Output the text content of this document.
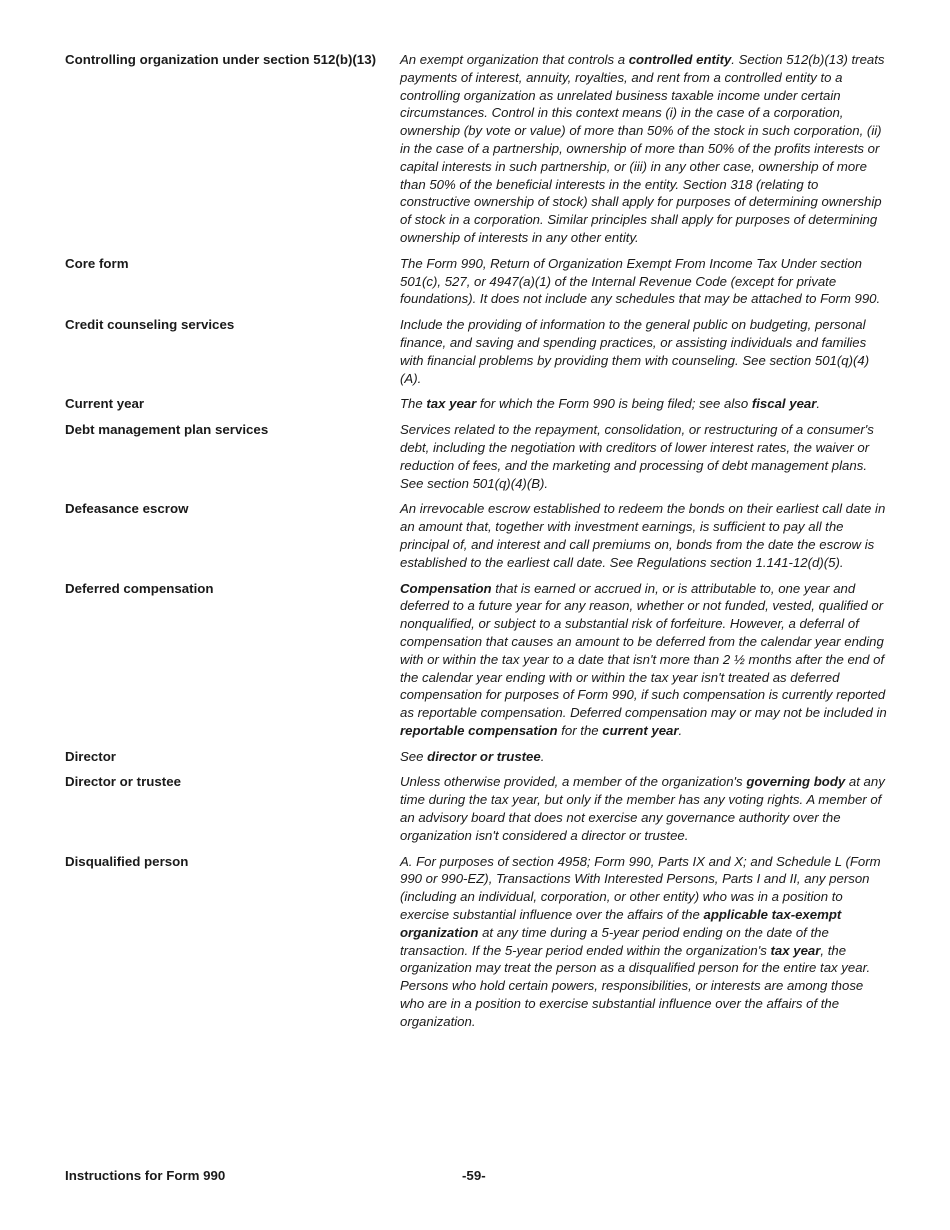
Controlling organization under section 512(b)(13)	An exempt organization that controls a controlled entity. Section 512(b)(13) treats payments of interest, annuity, royalties, and rent from a controlled entity to a controlling organization as unrelated business taxable income under certain circumstances. Control in this context means (i) in the case of a corporation, ownership (by vote or value) of more than 50% of the stock in such corporation, (ii) in the case of a partnership, ownership of more than 50% of the profits interests or capital interests in such partnership, or (iii) in any other case, ownership of more than 50% of the beneficial interests in the entity. Section 318 (relating to constructive ownership of stock) shall apply for purposes of determining ownership of stock in a corporation. Similar principles shall apply for purposes of determining ownership of interests in any other entity.
Core form	The Form 990, Return of Organization Exempt From Income Tax Under section 501(c), 527, or 4947(a)(1) of the Internal Revenue Code (except for private foundations). It does not include any schedules that may be attached to Form 990.
Credit counseling services	Include the providing of information to the general public on budgeting, personal finance, and saving and spending practices, or assisting individuals and families with financial problems by providing them with counseling. See section 501(q)(4)(A).
Current year	The tax year for which the Form 990 is being filed; see also fiscal year.
Debt management plan services	Services related to the repayment, consolidation, or restructuring of a consumer's debt, including the negotiation with creditors of lower interest rates, the waiver or reduction of fees, and the marketing and processing of debt management plans. See section 501(q)(4)(B).
Defeasance escrow	An irrevocable escrow established to redeem the bonds on their earliest call date in an amount that, together with investment earnings, is sufficient to pay all the principal of, and interest and call premiums on, bonds from the date the escrow is established to the earliest call date. See Regulations section 1.141-12(d)(5).
Deferred compensation	Compensation that is earned or accrued in, or is attributable to, one year and deferred to a future year for any reason, whether or not funded, vested, qualified or nonqualified, or subject to a substantial risk of forfeiture. However, a deferral of compensation that causes an amount to be deferred from the calendar year ending with or within the tax year to a date that isn't more than 2 ½ months after the end of the calendar year ending with or within the tax year isn't treated as deferred compensation for purposes of Form 990, if such compensation is currently reported as reportable compensation. Deferred compensation may or may not be included in reportable compensation for the current year.
Director	See director or trustee.
Director or trustee	Unless otherwise provided, a member of the organization's governing body at any time during the tax year, but only if the member has any voting rights. A member of an advisory board that does not exercise any governance authority over the organization isn't considered a director or trustee.
Disqualified person	A. For purposes of section 4958; Form 990, Parts IX and X; and Schedule L (Form 990 or 990-EZ), Transactions With Interested Persons, Parts I and II, any person (including an individual, corporation, or other entity) who was in a position to exercise substantial influence over the affairs of the applicable tax-exempt organization at any time during a 5-year period ending on the date of the transaction. If the 5-year period ended within the organization's tax year, the organization may treat the person as a disqualified person for the entire tax year. Persons who hold certain powers, responsibilities, or interests are among those who are in a position to exercise substantial influence over the affairs of the organization.
Instructions for Form 990	-59-
